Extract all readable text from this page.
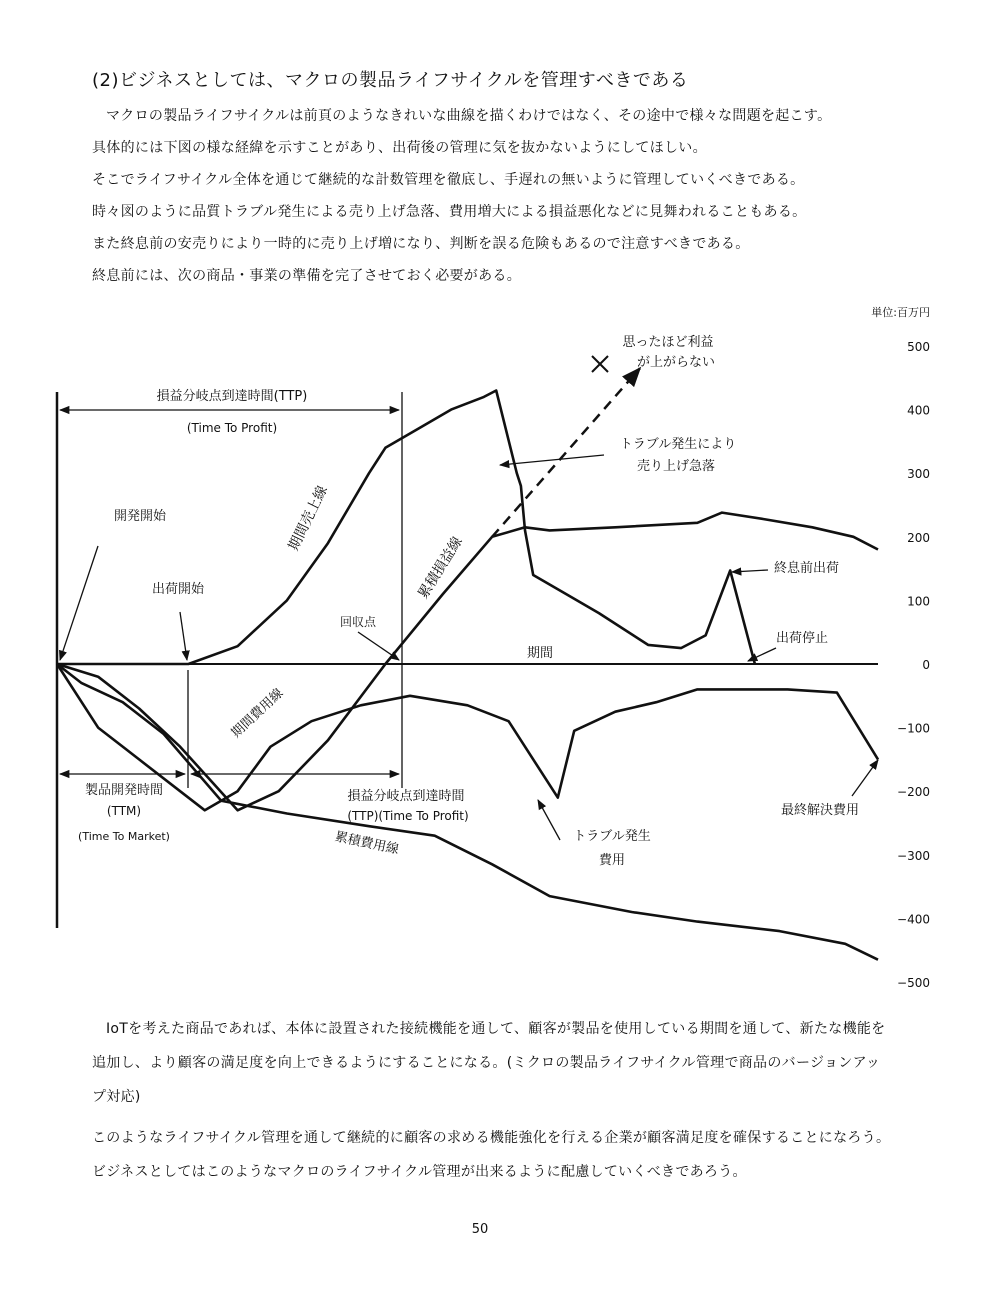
(2)ビジネスとしては、マクロの製品ライフサイクルを管理すべきである

マクロの製品ライフサイクルは前頁のようなきれいな曲線を描くわけではなく、その途中で様々な問題を起こす。

具体的には下図の様な経緯を示すことがあり、出荷後の管理に気を抜かないようにしてほしい。

そこでライフサイクル全体を通じて継続的な計数管理を徹底し、手遅れの無いように管理していくべきである。

時々図のように品質トラブル発生による売り上げ急落、費用増大による損益悪化などに見舞われることもある。

また終息前の安売りにより一時的に売り上げ増になり、判断を誤る危険もあるので注意すべきである。

終息前には、次の商品・事業の準備を完了させておく必要がある。

単位:百万円
500
400
300
200
100
0
−100
−200
−300
−400
−500
損益分岐点到達時間(TTP)
(Time To Profit)
開発開始
出荷開始
回収点
期間売上線
累積損益線
期間費用線
累積費用線
思ったほど利益
が上がらない
トラブル発生により
売り上げ急落
終息前出荷
出荷停止
期間
製品開発時間
(TTM)
(Time To Market)
損益分岐点到達時間
(TTP)(Time To Profit)
トラブル発生
費用
最終解決費用
IoTを考えた商品であれば、本体に設置された接続機能を通して、顧客が製品を使用している期間を通して、新たな機能を追加し、より顧客の満足度を向上できるようにすることになる。(ミクロの製品ライフサイクル管理で商品のバージョンアップ対応)
このようなライフサイクル管理を通して継続的に顧客の求める機能強化を行える企業が顧客満足度を確保することになろう。ビジネスとしてはこのようなマクロのライフサイクル管理が出来るように配慮していくべきであろう。
50
